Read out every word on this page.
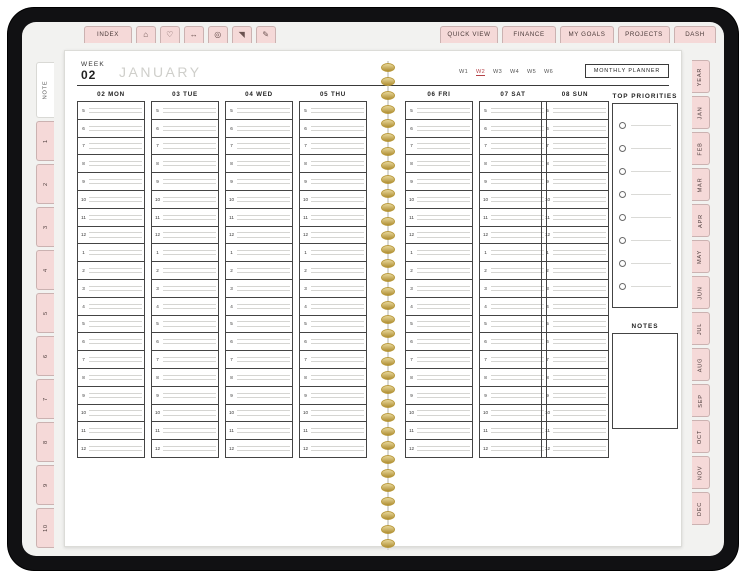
INDEX	⌂	♡	↔	◎	◥	✎	QUICK VIEW	FINANCE	MY GOALS	PROJECTS	DASH
NOTE
1
2
3
4
5
6
7
8
9
10
YEAR
JAN
FEB
MAR
APR
MAY
JUN
JUL
AUG
SEP
OCT
NOV
DEC
WEEK
02	JANUARY	W1 W2 W3 W4 W5 W6	MONTHLY PLANNER
02 MON
5
6
7
8
9
10
11
12
1
2
3
4
5
6
7
8
9
10
11
12
03 TUE
5
6
7
8
9
10
11
12
1
2
3
4
5
6
7
8
9
10
11
12
04 WED
5
6
7
8
9
10
11
12
1
2
3
4
5
6
7
8
9
10
11
12
05 THU
5
6
7
8
9
10
11
12
1
2
3
4
5
6
7
8
9
10
11
12
06 FRI
5
6
7
8
9
10
11
12
1
2
3
4
5
6
7
8
9
10
11
12
07 SAT
5
6
7
8
9
10
11
12
1
2
3
4
5
6
7
8
9
10
11
12
08 SUN
5
6
7
8
9
10
11
12
1
2
3
4
5
6
7
8
9
10
11
12
TOP PRIORITIES
NOTES
